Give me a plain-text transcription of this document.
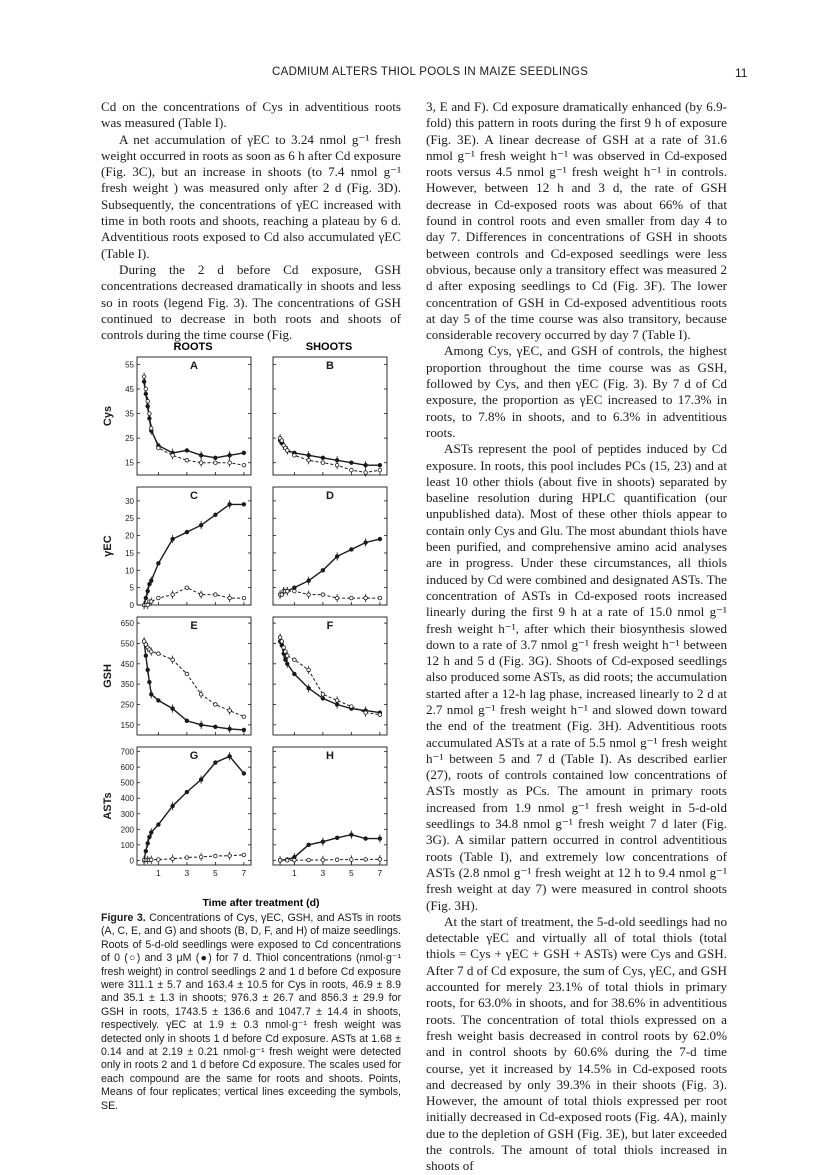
CADMIUM ALTERS THIOL POOLS IN MAIZE SEEDLINGS	11

Cd on the concentrations of Cys in adventitious roots was measured (Table I).

A net accumulation of γEC to 3.24 nmol g⁻¹ fresh weight occurred in roots as soon as 6 h after Cd exposure (Fig. 3C), but an increase in shoots (to 7.4 nmol g⁻¹ fresh weight ) was measured only after 2 d (Fig. 3D). Subsequently, the concentrations of γEC increased with time in both roots and shoots, reaching a plateau by 6 d. Adventitious roots exposed to Cd also accumulated γEC (Table I).

During the 2 d before Cd exposure, GSH concentrations decreased dramatically in shoots and less so in roots (legend Fig. 3). The concentrations of GSH continued to decrease in both roots and shoots of controls during the time course (Fig.

ROOTS	SHOOTS
A
15
25
35
45
55
Cys
B
C
0
5
10
15
20
25
30
γEC
D
E
150
250
350
450
550
650
GSH
F
G
0
100
200
300
400
500
600
700
1	3	5	7
ASTs
H
1	3	5	7
Time after treatment (d)
Figure 3. Concentrations of Cys, γEC, GSH, and ASTs in roots (A, C, E, and G) and shoots (B, D, F, and H) of maize seedlings. Roots of 5-d-old seedlings were exposed to Cd concentrations of 0 (○) and 3 μM (●) for 7 d. Thiol concentrations (nmol·g⁻¹ fresh weight) in control seedlings 2 and 1 d before Cd exposure were 311.1 ± 5.7 and 163.4 ± 10.5 for Cys in roots, 46.9 ± 8.9 and 35.1 ± 1.3 in shoots; 976.3 ± 26.7 and 856.3 ± 29.9 for GSH in roots, 1743.5 ± 136.6 and 1047.7 ± 14.4 in shoots, respectively. γEC at 1.9 ± 0.3 nmol·g⁻¹ fresh weight was detected only in shoots 1 d before Cd exposure. ASTs at 1.68 ± 0.14 and at 2.19 ± 0.21 nmol·g⁻¹ fresh weight were detected only in roots 2 and 1 d before Cd exposure. The scales used for each compound are the same for roots and shoots. Points, Means of four replicates; vertical lines exceeding the symbols, SE.

3, E and F). Cd exposure dramatically enhanced (by 6.9-fold) this pattern in roots during the first 9 h of exposure (Fig. 3E). A linear decrease of GSH at a rate of 31.6 nmol g⁻¹ fresh weight h⁻¹ was observed in Cd-exposed roots versus 4.5 nmol g⁻¹ fresh weight h⁻¹ in controls. However, between 12 h and 3 d, the rate of GSH decrease in Cd-exposed roots was about 66% of that found in control roots and even smaller from day 4 to day 7. Differences in concentrations of GSH in shoots between controls and Cd-exposed seedlings were less obvious, because only a transitory effect was measured 2 d after exposing seedlings to Cd (Fig. 3F). The lower concentration of GSH in Cd-exposed adventitious roots at day 5 of the time course was also transitory, because considerable recovery occurred by day 7 (Table I).

Among Cys, γEC, and GSH of controls, the highest proportion throughout the time course was as GSH, followed by Cys, and then γEC (Fig. 3). By 7 d of Cd exposure, the proportion as γEC increased to 17.3% in roots, to 7.8% in shoots, and to 6.3% in adventitious roots.

ASTs represent the pool of peptides induced by Cd exposure. In roots, this pool includes PCs (15, 23) and at least 10 other thiols (about five in shoots) separated by baseline resolution during HPLC quantification (our unpublished data). Most of these other thiols appear to contain only Cys and Glu. The most abundant thiols have been purified, and comprehensive amino acid analyses are in progress. Under these circumstances, all thiols induced by Cd were combined and designated ASTs. The concentration of ASTs in Cd-exposed roots increased linearly during the first 9 h at a rate of 15.0 nmol g⁻¹ fresh weight h⁻¹, after which their biosynthesis slowed down to a rate of 3.7 nmol g⁻¹ fresh weight h⁻¹ between 12 h and 5 d (Fig. 3G). Shoots of Cd-exposed seedlings also produced some ASTs, as did roots; the accumulation started after a 12-h lag phase, increased linearly to 2 d at 2.7 nmol g⁻¹ fresh weight h⁻¹ and slowed down toward the end of the treatment (Fig. 3H). Adventitious roots accumulated ASTs at a rate of 5.5 nmol g⁻¹ fresh weight h⁻¹ between 5 and 7 d (Table I). As described earlier (27), roots of controls contained low concentrations of ASTs mostly as PCs. The amount in primary roots increased from 1.9 nmol g⁻¹ fresh weight in 5-d-old seedlings to 34.8 nmol g⁻¹ fresh weight 7 d later (Fig. 3G). A similar pattern occurred in control adventitious roots (Table I), and extremely low concentrations of ASTs (2.8 nmol g⁻¹ fresh weight at 12 h to 9.4 nmol g⁻¹ fresh weight at day 7) were measured in control shoots (Fig. 3H).

At the start of treatment, the 5-d-old seedlings had no detectable γEC and virtually all of total thiols (total thiols = Cys + γEC + GSH + ASTs) were Cys and GSH. After 7 d of Cd exposure, the sum of Cys, γEC, and GSH accounted for merely 23.1% of total thiols in primary roots, for 63.0% in shoots, and for 38.6% in adventitious roots. The concentration of total thiols expressed on a fresh weight basis decreased in control roots by 62.0% and in control shoots by 60.6% during the 7-d time course, yet it increased by 14.5% in Cd-exposed roots and decreased by only 39.3% in their shoots (Fig. 3). However, the amount of total thiols expressed per root initially decreased in Cd-exposed roots (Fig. 4A), mainly due to the depletion of GSH (Fig. 3E), but later exceeded the controls. The amount of total thiols increased in shoots of
